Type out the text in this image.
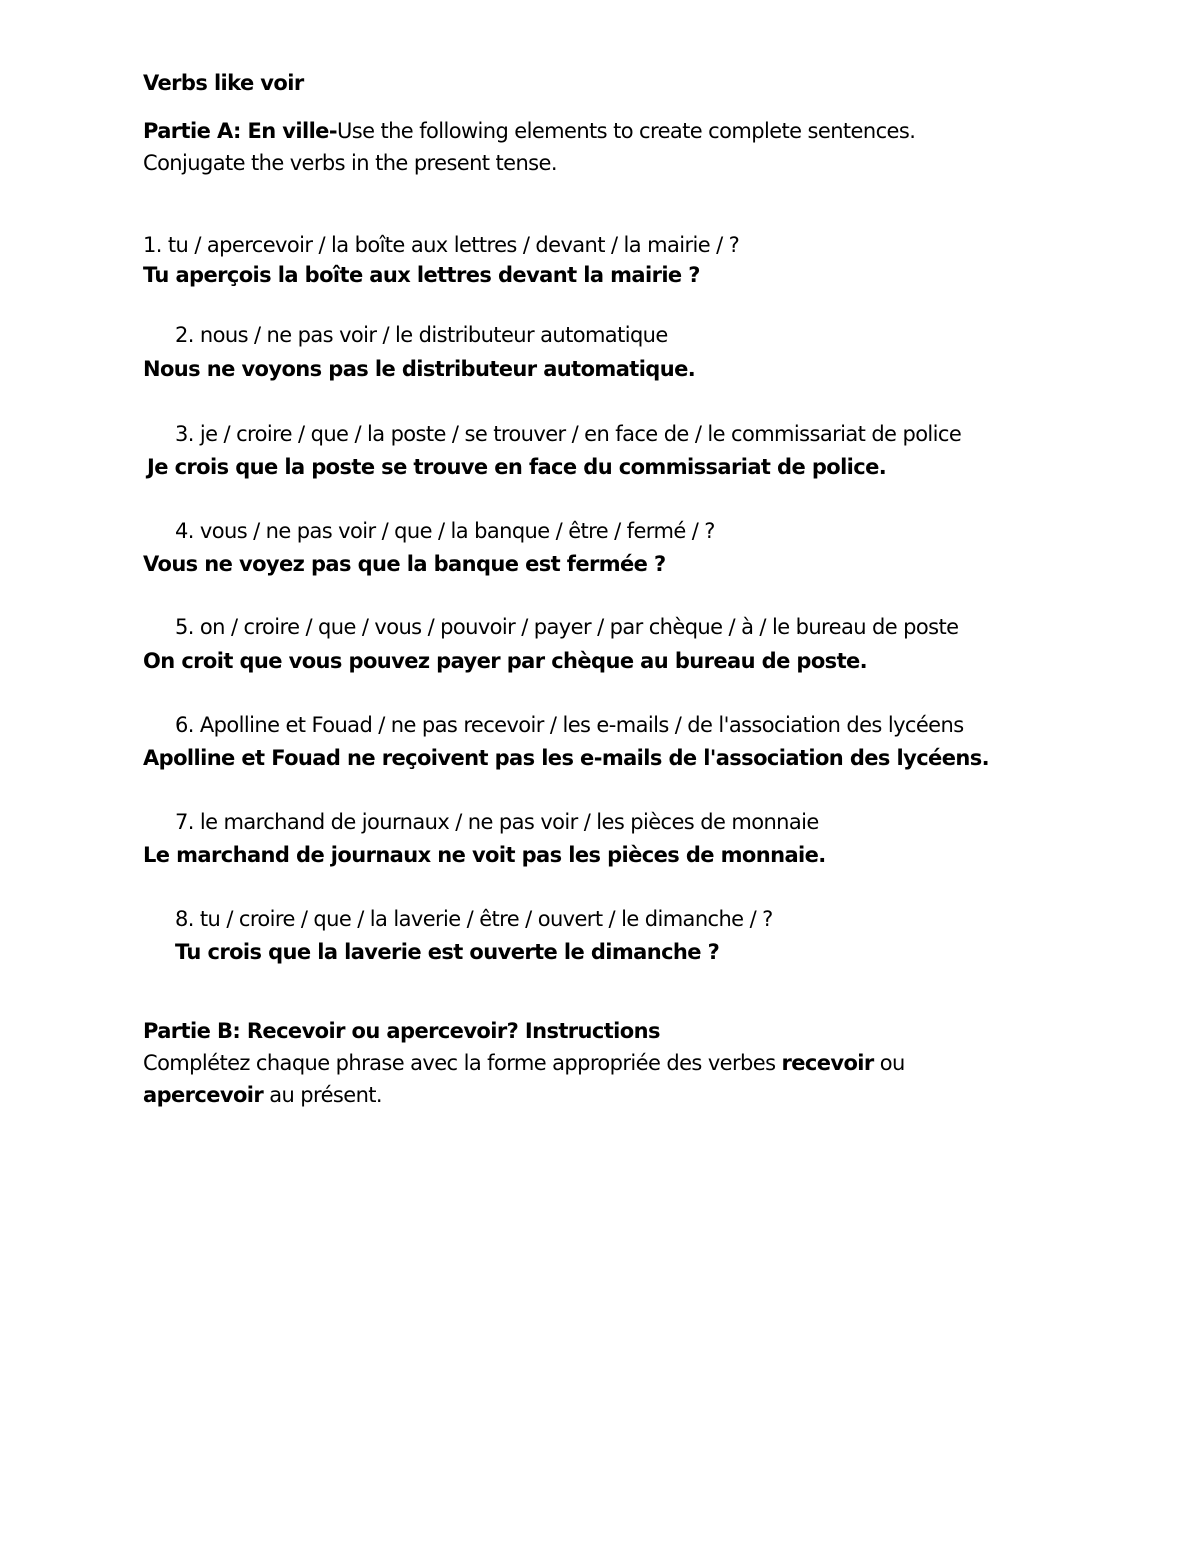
Verbs like voir
Partie A: En ville-Use the following elements to create complete sentences.
Conjugate the verbs in the present tense.
1. tu / apercevoir / la boîte aux lettres / devant / la mairie / ?
Tu aperçois la boîte aux lettres devant la mairie ?
2. nous / ne pas voir / le distributeur automatique
Nous ne voyons pas le distributeur automatique.
3. je / croire / que / la poste / se trouver / en face de / le commissariat de police
Je crois que la poste se trouve en face du commissariat de police.
4. vous / ne pas voir / que / la banque / être / fermé / ?
Vous ne voyez pas que la banque est fermée ?
5. on / croire / que / vous / pouvoir / payer / par chèque / à / le bureau de poste
On croit que vous pouvez payer par chèque au bureau de poste.
6. Apolline et Fouad / ne pas recevoir / les e-mails / de l'association des lycéens
Apolline et Fouad ne reçoivent pas les e-mails de l'association des lycéens.
7. le marchand de journaux / ne pas voir / les pièces de monnaie
Le marchand de journaux ne voit pas les pièces de monnaie.
8. tu / croire / que / la laverie / être / ouvert / le dimanche / ?
Tu crois que la laverie est ouverte le dimanche ?
Partie B: Recevoir ou apercevoir? Instructions
Complétez chaque phrase avec la forme appropriée des verbes recevoir ou
apercevoir au présent.
